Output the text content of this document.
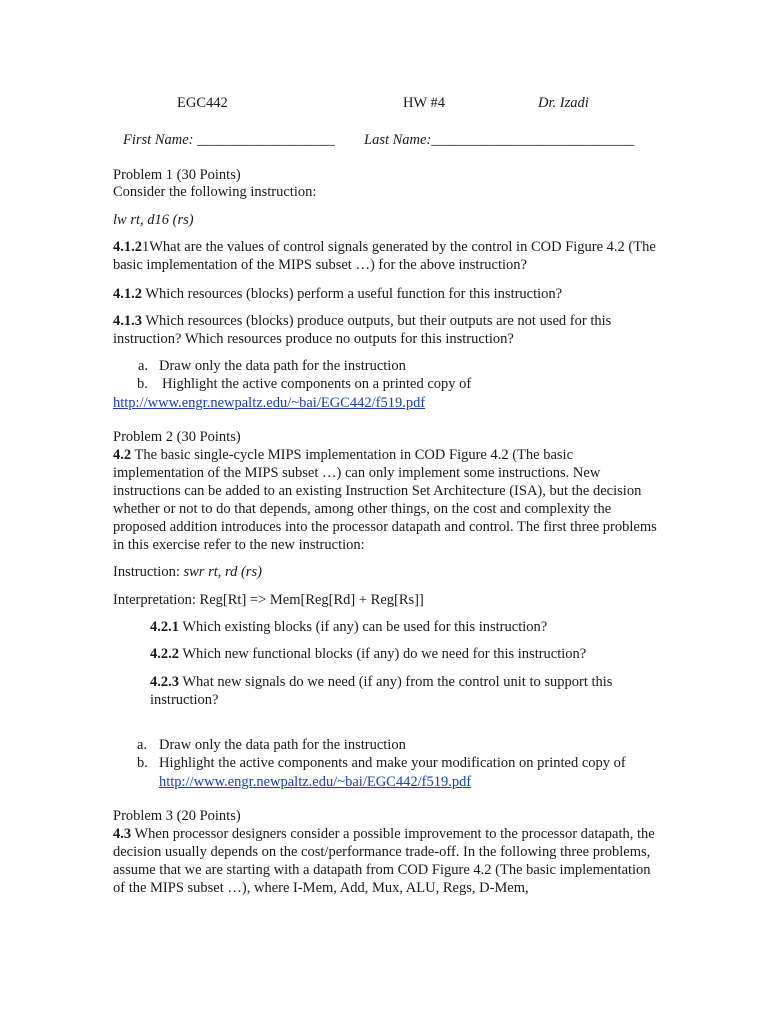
EGC442	HW #4	Dr. Izadi
First Name: ___________________ Last Name:____________________________
Problem 1 (30 Points)
Consider the following instruction:
lw rt, d16 (rs)
4.1.21What are the values of control signals generated by the control in COD Figure 4.2 (The basic implementation of the MIPS subset …) for the above instruction?
4.1.2 Which resources (blocks) perform a useful function for this instruction?
4.1.3 Which resources (blocks) produce outputs, but their outputs are not used for this instruction? Which resources produce no outputs for this instruction?
a. Draw only the data path for the instruction
b. Highlight the active components on a printed copy of
http://www.engr.newpaltz.edu/~bai/EGC442/f519.pdf
Problem 2 (30 Points)
4.2 The basic single-cycle MIPS implementation in COD Figure 4.2 (The basic implementation of the MIPS subset …) can only implement some instructions. New instructions can be added to an existing Instruction Set Architecture (ISA), but the decision whether or not to do that depends, among other things, on the cost and complexity the proposed addition introduces into the processor datapath and control. The first three problems in this exercise refer to the new instruction:
Instruction: swr rt, rd (rs)
Interpretation: Reg[Rt] => Mem[Reg[Rd] + Reg[Rs]]
4.2.1 Which existing blocks (if any) can be used for this instruction?
4.2.2 Which new functional blocks (if any) do we need for this instruction?
4.2.3 What new signals do we need (if any) from the control unit to support this instruction?
a. Draw only the data path for the instruction
b. Highlight the active components and make your modification on printed copy of
http://www.engr.newpaltz.edu/~bai/EGC442/f519.pdf
Problem 3 (20 Points)
4.3 When processor designers consider a possible improvement to the processor datapath, the decision usually depends on the cost/performance trade-off. In the following three problems, assume that we are starting with a datapath from COD Figure 4.2 (The basic implementation of the MIPS subset …), where I-Mem, Add, Mux, ALU, Regs, D-Mem,
